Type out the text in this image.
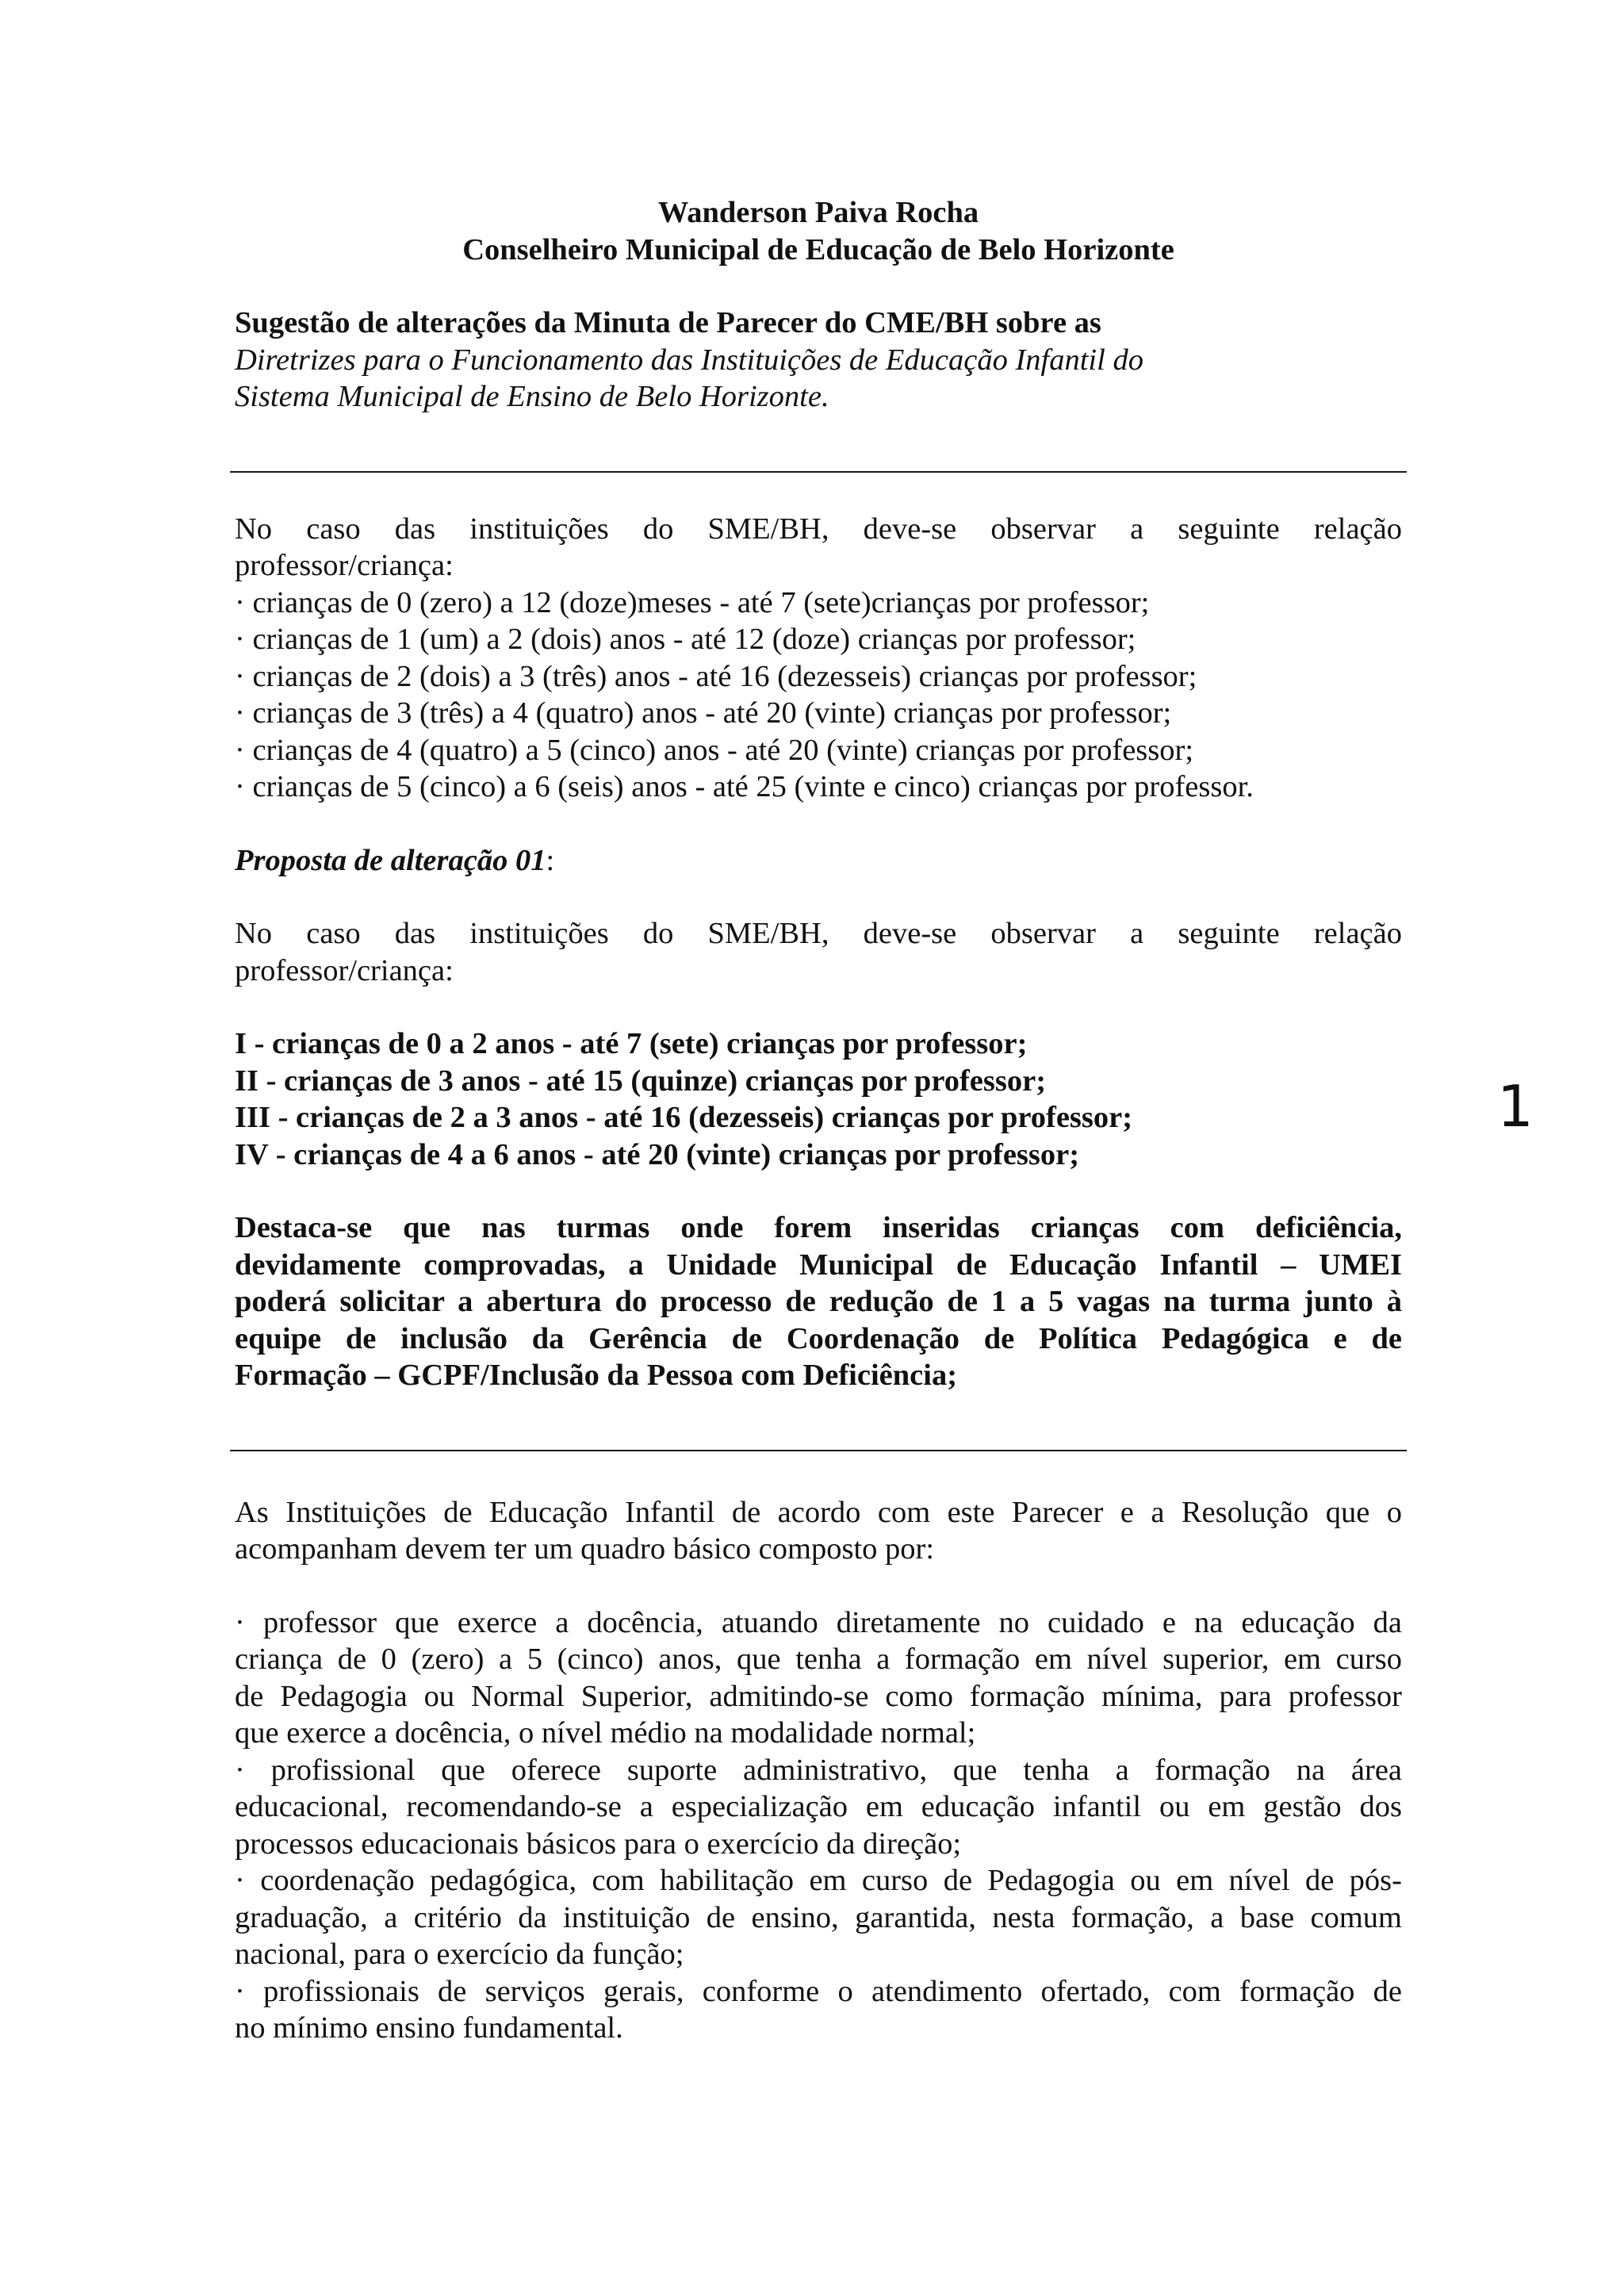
Wanderson Paiva Rocha

Conselheiro Municipal de Educação de Belo Horizonte

Sugestão de alterações da Minuta de Parecer do CME/BH sobre as

Diretrizes para o Funcionamento das Instituições de Educação Infantil do

Sistema Municipal de Ensino de Belo Horizonte.

No caso das instituições do SME/BH, deve-se observar a seguinte relação

professor/criança:

· crianças de 0 (zero) a 12 (doze)meses - até 7 (sete)crianças por professor;

· crianças de 1 (um) a 2 (dois) anos - até 12 (doze) crianças por professor;

· crianças de 2 (dois) a 3 (três) anos - até 16 (dezesseis) crianças por professor;

· crianças de 3 (três) a 4 (quatro) anos - até 20 (vinte) crianças por professor;

· crianças de 4 (quatro) a 5 (cinco) anos - até 20 (vinte) crianças por professor;

· crianças de 5 (cinco) a 6 (seis) anos - até 25 (vinte e cinco) crianças por professor.

Proposta de alteração 01:

No caso das instituições do SME/BH, deve-se observar a seguinte relação

professor/criança:

I - crianças de 0 a 2 anos - até 7 (sete) crianças por professor;

II - crianças de 3 anos - até 15 (quinze) crianças por professor;

III - crianças de 2 a 3 anos - até 16 (dezesseis) crianças por professor;

IV - crianças de 4 a 6 anos - até 20 (vinte) crianças por professor;

Destaca-se que nas turmas onde forem inseridas crianças com deficiência,

devidamente comprovadas, a Unidade Municipal de Educação Infantil – UMEI

poderá solicitar a abertura do processo de redução de 1 a 5 vagas na turma junto à

equipe de inclusão da Gerência de Coordenação de Política Pedagógica e de

Formação – GCPF/Inclusão da Pessoa com Deficiência;

As Instituições de Educação Infantil de acordo com este Parecer e a Resolução que o

acompanham devem ter um quadro básico composto por:

· professor que exerce a docência, atuando diretamente no cuidado e na educação da

criança de 0 (zero) a 5 (cinco) anos, que tenha a formação em nível superior, em curso

de Pedagogia ou Normal Superior, admitindo-se como formação mínima, para professor

que exerce a docência, o nível médio na modalidade normal;

· profissional que oferece suporte administrativo, que tenha a formação na área

educacional, recomendando-se a especialização em educação infantil ou em gestão dos

processos educacionais básicos para o exercício da direção;

· coordenação pedagógica, com habilitação em curso de Pedagogia ou em nível de pós-

graduação, a critério da instituição de ensino, garantida, nesta formação, a base comum

nacional, para o exercício da função;

· profissionais de serviços gerais, conforme o atendimento ofertado, com formação de

no mínimo ensino fundamental.

1
